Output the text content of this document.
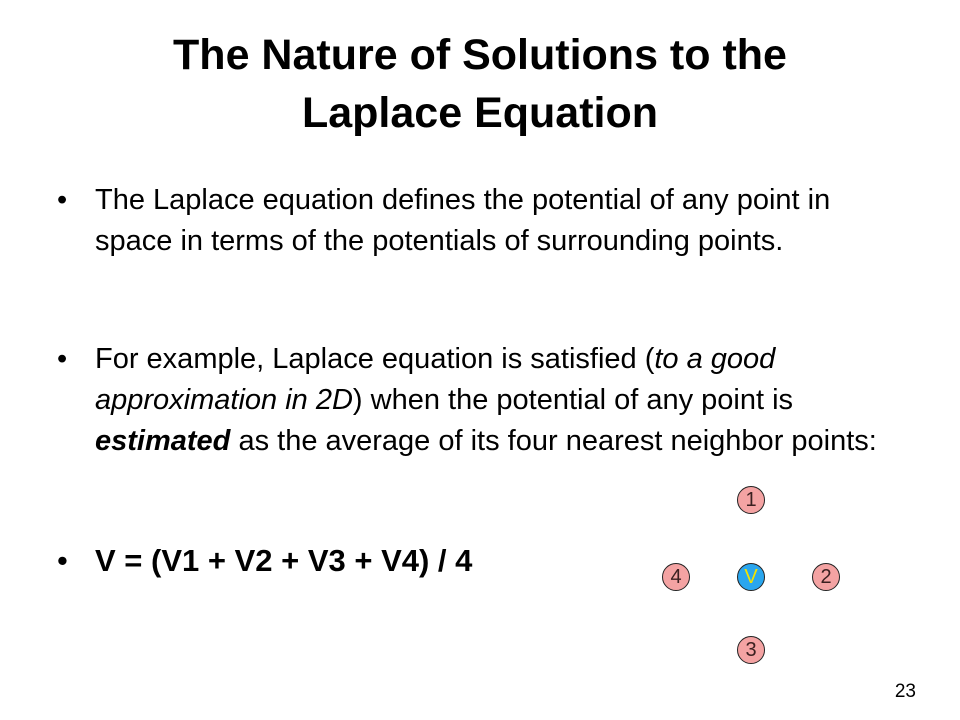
The Nature of Solutions to the
Laplace Equation
• The Laplace equation defines the potential of any point in space in terms of the potentials of surrounding points.
• For example, Laplace equation is satisfied (to a good approximation in 2D) when the potential of any point is estimated as the average of its four nearest neighbor points:
• V = (V1 + V2 + V3 + V4) / 4
1
4	V	2
3
23
